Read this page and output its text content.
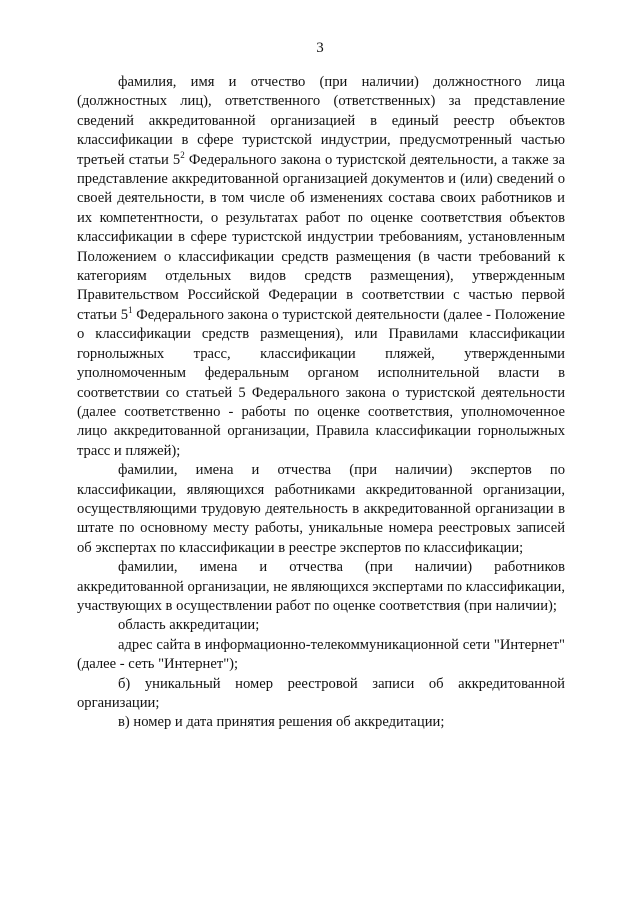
3

фамилия, имя и отчество (при наличии) должностного лица (должностных лиц), ответственного (ответственных) за представление сведений аккредитованной организацией в единый реестр объектов классификации в сфере туристской индустрии, предусмотренный частью третьей статьи $5^2$ Федерального закона о туристской деятельности, а также за представление аккредитованной организацией документов и (или) сведений о своей деятельности, в том числе об изменениях состава своих работников и их компетентности, о результатах работ по оценке соответствия объектов классификации в сфере туристской индустрии требованиям, установленным Положением о классификации средств размещения (в части требований к категориям отдельных видов средств размещения), утвержденным Правительством Российской Федерации в соответствии с частью первой статьи $5^1$ Федерального закона о туристской деятельности (далее - Положение о классификации средств размещения), или Правилами классификации горнолыжных трасс, классификации пляжей, утвержденными уполномоченным федеральным органом исполнительной власти в соответствии со статьей 5 Федерального закона о туристской деятельности (далее соответственно - работы по оценке соответствия, уполномоченное лицо аккредитованной организации, Правила классификации горнолыжных трасс и пляжей);

фамилии, имена и отчества (при наличии) экспертов по классификации, являющихся работниками аккредитованной организации, осуществляющими трудовую деятельность в аккредитованной организации в штате по основному месту работы, уникальные номера реестровых записей об экспертах по классификации в реестре экспертов по классификации;

фамилии, имена и отчества (при наличии) работников аккредитованной организации, не являющихся экспертами по классификации, участвующих в осуществлении работ по оценке соответствия (при наличии);

область аккредитации;

адрес сайта в информационно-телекоммуникационной сети "Интернет" (далее - сеть "Интернет");

б) уникальный номер реестровой записи об аккредитованной организации;

в) номер и дата принятия решения об аккредитации;
